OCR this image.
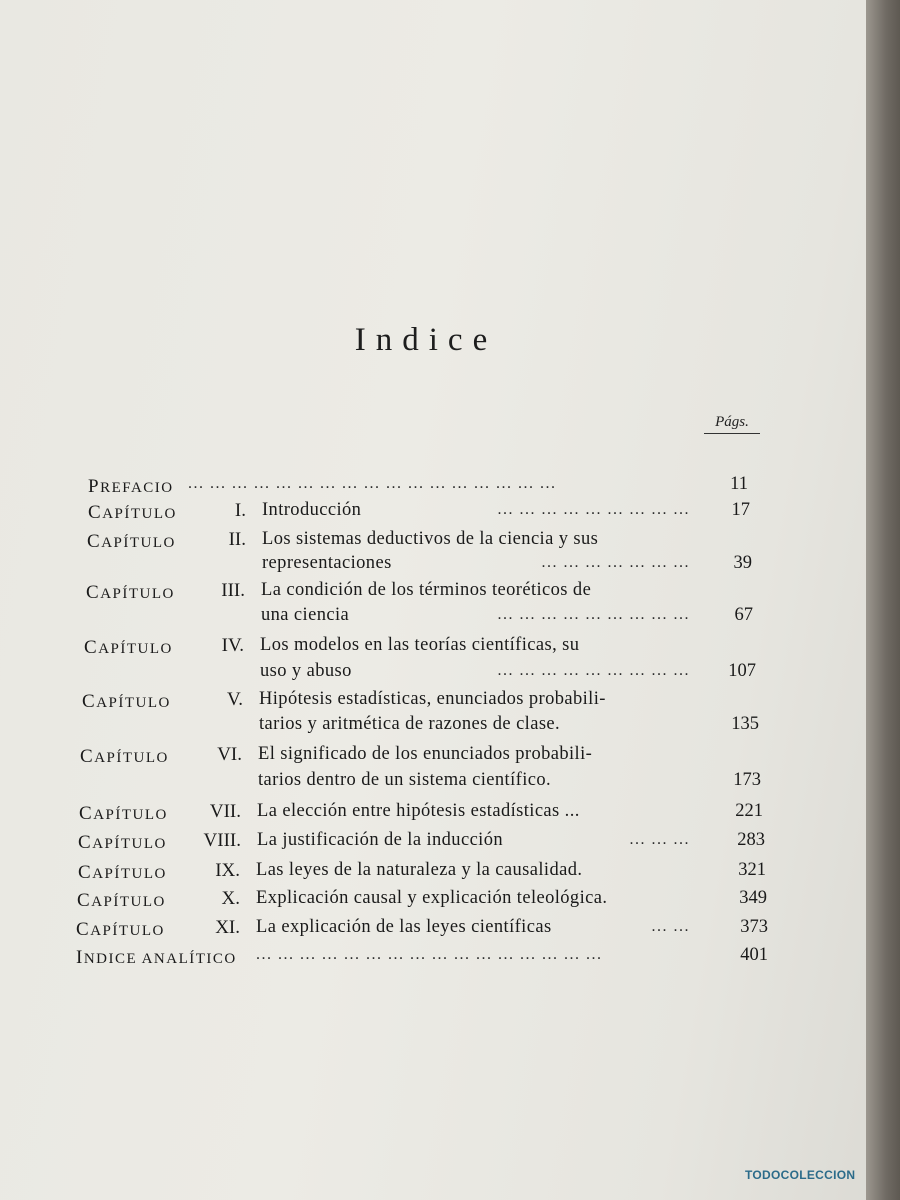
Indice
Págs.
PREFACIO ... ... ... ... ... ... ... ... ... ... ... ... ... ... ... ... ...	11
CAPÍTULO	I. Introducción	... ... ... ... ... ... ... ... ...	17
CAPÍTULO	II. Los sistemas deductivos de la ciencia y sus
representaciones	... ... ... ... ... ... ...	39
CAPÍTULO	III. La condición de los términos teoréticos de
una ciencia	... ... ... ... ... ... ... ... ...	67
CAPÍTULO	IV. Los modelos en las teorías científicas, su
uso y abuso	... ... ... ... ... ... ... ... ...	107
CAPÍTULO	V. Hipótesis estadísticas, enunciados probabili-
tarios y aritmética de razones de clase.	135
CAPÍTULO	VI. El significado de los enunciados probabili-
tarios dentro de un sistema científico.	173
CAPÍTULO	VII. La elección entre hipótesis estadísticas ...	221
CAPÍTULO	VIII. La justificación de la inducción	... ... ...	283
CAPÍTULO	IX. Las leyes de la naturaleza y la causalidad.	321
CAPÍTULO	X. Explicación causal y explicación teleológica.	349
CAPÍTULO	XI. La explicación de las leyes científicas	... ...	373
INDICE ANALÍTICO ... ... ... ... ... ... ... ... ... ... ... ... ... ... ... ...	401
TODOCOLECCION
